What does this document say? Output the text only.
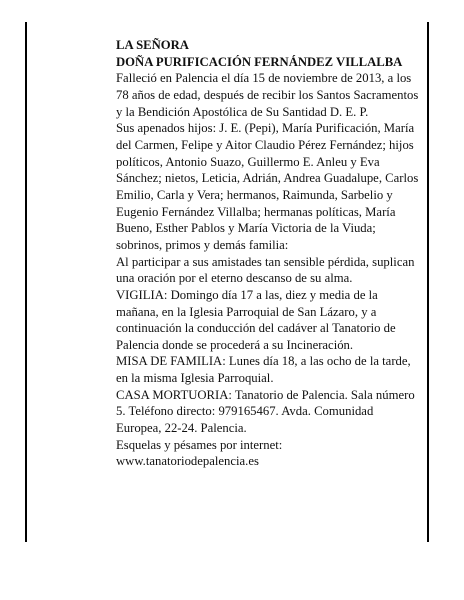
LA SEÑORA

DOÑA PURIFICACIÓN FERNÁNDEZ VILLALBA

Falleció en Palencia el día 15 de noviembre de 2013, a los 78 años de edad, después de recibir los Santos Sacramentos y la Bendición Apostólica de Su Santidad D. E. P.

Sus apenados hijos: J. E. (Pepi), María Purificación, María del Carmen, Felipe y Aitor Claudio Pérez Fernández; hijos políticos, Antonio Suazo, Guillermo E. Anleu y Eva Sánchez; nietos, Leticia, Adrián, Andrea Guadalupe, Carlos Emilio, Carla y Vera; hermanos, Raimunda, Sarbelio y Eugenio Fernández Villalba; hermanas políticas, María Bueno, Esther Pablos y María Victoria de la Viuda; sobrinos, primos y demás familia:

Al participar a sus amistades tan sensible pérdida, suplican una oración por el eterno descanso de su alma.

VIGILIA: Domingo día 17 a las, diez y media de la mañana, en la Iglesia Parroquial de San Lázaro, y a continuación la conducción del cadáver al Tanatorio de Palencia donde se procederá a su Incineración.

MISA DE FAMILIA: Lunes día 18, a las ocho de la tarde, en la misma Iglesia Parroquial.

CASA MORTUORIA: Tanatorio de Palencia. Sala número 5. Teléfono directo: 979165467. Avda. Comunidad Europea, 22-24. Palencia.

Esquelas y pésames por internet:

www.tanatoriodepalencia.es
